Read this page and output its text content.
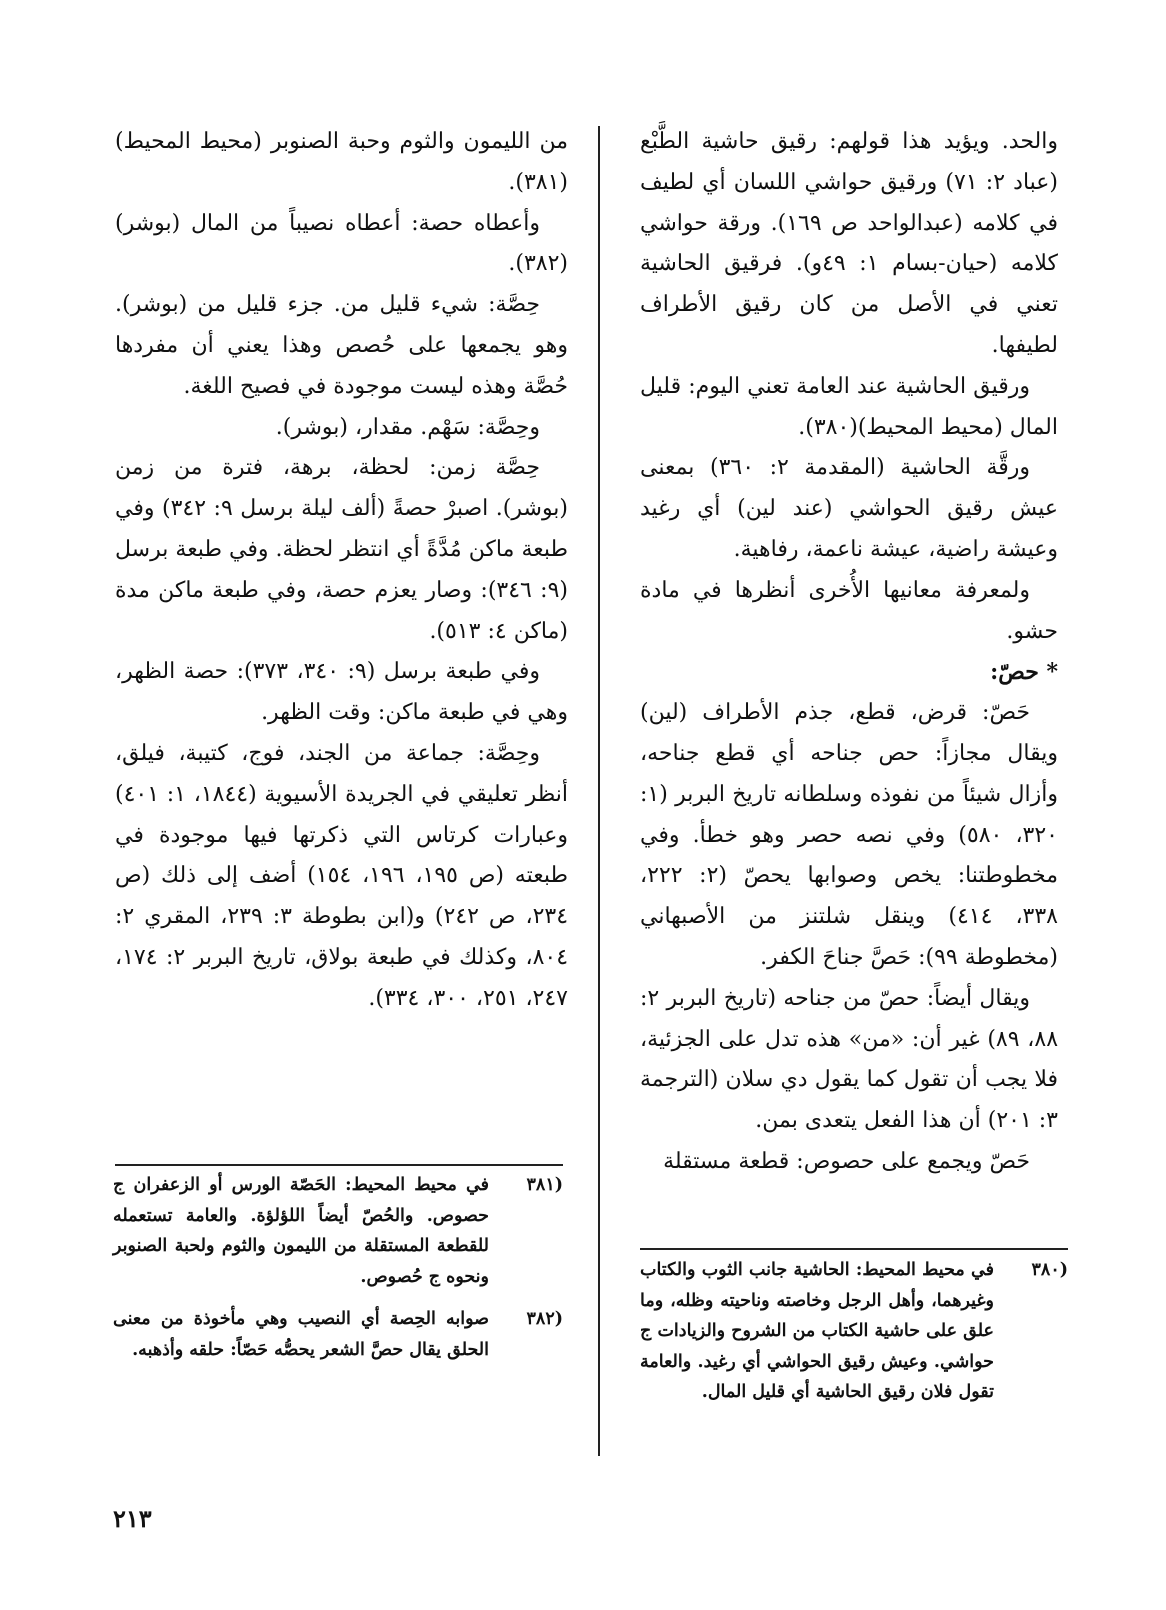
والحد. ويؤيد هذا قولهم: رقيق حاشية الطَّبْع (عباد ٢: ٧١) ورقيق حواشي اللسان أي لطيف في كلامه (عبدالواحد ص ١٦٩). ورقة حواشي كلامه (حيان-بسام ١: ٤٩و). فرقيق الحاشية تعني في الأصل من كان رقيق الأطراف لطيفها.

ورقيق الحاشية عند العامة تعني اليوم: قليل المال (محيط المحيط)(٣٨٠).

ورقَّة الحاشية (المقدمة ٢: ٣٦٠) بمعنى عيش رقيق الحواشي (عند لين) أي رغيد وعيشة راضية، عيشة ناعمة، رفاهية.

ولمعرفة معانيها الأُخرى أنظرها في مادة حشو.

* حصّ:

حَصّ: قرض، قطع، جذم الأطراف (لين) ويقال مجازاً: حص جناحه أي قطع جناحه، وأزال شيئاً من نفوذه وسلطانه تاريخ البربر (١: ٣٢٠، ٥٨٠) وفي نصه حصر وهو خطأ. وفي مخطوطتنا: يخص وصوابها يحصّ (٢: ٢٢٢، ٣٣٨، ٤١٤) وينقل شلتنز من الأصبهاني (مخطوطة ٩٩): حَصَّ جناحَ الكفر.

ويقال أيضاً: حصّ من جناحه (تاريخ البربر ٢: ٨٨، ٨٩) غير أن: «من» هذه تدل على الجزئية، فلا يجب أن تقول كما يقول دي سلان (الترجمة ٣: ٢٠١) أن هذا الفعل يتعدى بمن.

حَصّ ويجمع على حصوص: قطعة مستقلة

من الليمون والثوم وحبة الصنوبر (محيط المحيط)(٣٨١).

وأعطاه حصة: أعطاه نصيباً من المال (بوشر)(٣٨٢).

حِصَّة: شيء قليل من. جزء قليل من (بوشر). وهو يجمعها على حُصص وهذا يعني أن مفردها حُصَّة وهذه ليست موجودة في فصيح اللغة.

وحِصَّة: سَهْم. مقدار، (بوشر).

حِصَّة زمن: لحظة، برهة، فترة من زمن (بوشر). اصبرْ حصةً (ألف ليلة برسل ٩: ٣٤٢) وفي طبعة ماكن مُدَّةً أي انتظر لحظة. وفي طبعة برسل (٩: ٣٤٦): وصار يعزم حصة، وفي طبعة ماكن مدة (ماكن ٤: ٥١٣).

وفي طبعة برسل (٩: ٣٤٠، ٣٧٣): حصة الظهر، وهي في طبعة ماكن: وقت الظهر.

وحِصَّة: جماعة من الجند، فوج، كتيبة، فيلق، أنظر تعليقي في الجريدة الأسيوية (١٨٤٤، ١: ٤٠١) وعبارات كرتاس التي ذكرتها فيها موجودة في طبعته (ص ١٩٥، ١٩٦، ١٥٤) أضف إلى ذلك (ص ٢٣٤، ص ٢٤٢) و(ابن بطوطة ٣: ٢٣٩، المقري ٢: ٨٠٤، وكذلك في طبعة بولاق، تاريخ البربر ٢: ١٧٤، ٢٤٧، ٢٥١، ٣٠٠، ٣٣٤).

(٣٨١
في محيط المحيط: الحَصّة الورس أو الزعفران ج حصوص. والحُصّ أيضاً اللؤلؤة. والعامة تستعمله للقطعة المستقلة من الليمون والثوم ولحبة الصنوبر ونحوه ج حُصوص.
(٣٨٢
صوابه الحِصة أي النصيب وهي مأخوذة من معنى الحلق يقال حصَّ الشعر يحصُّه حَصّاً: حلقه وأذهبه.
(٣٨٠
في محيط المحيط: الحاشية جانب الثوب والكتاب وغيرهما، وأهل الرجل وخاصته وناحيته وظله، وما علق على حاشية الكتاب من الشروح والزيادات ج حواشي. وعيش رقيق الحواشي أي رغيد. والعامة تقول فلان رقيق الحاشية أي قليل المال.
٢١٣
